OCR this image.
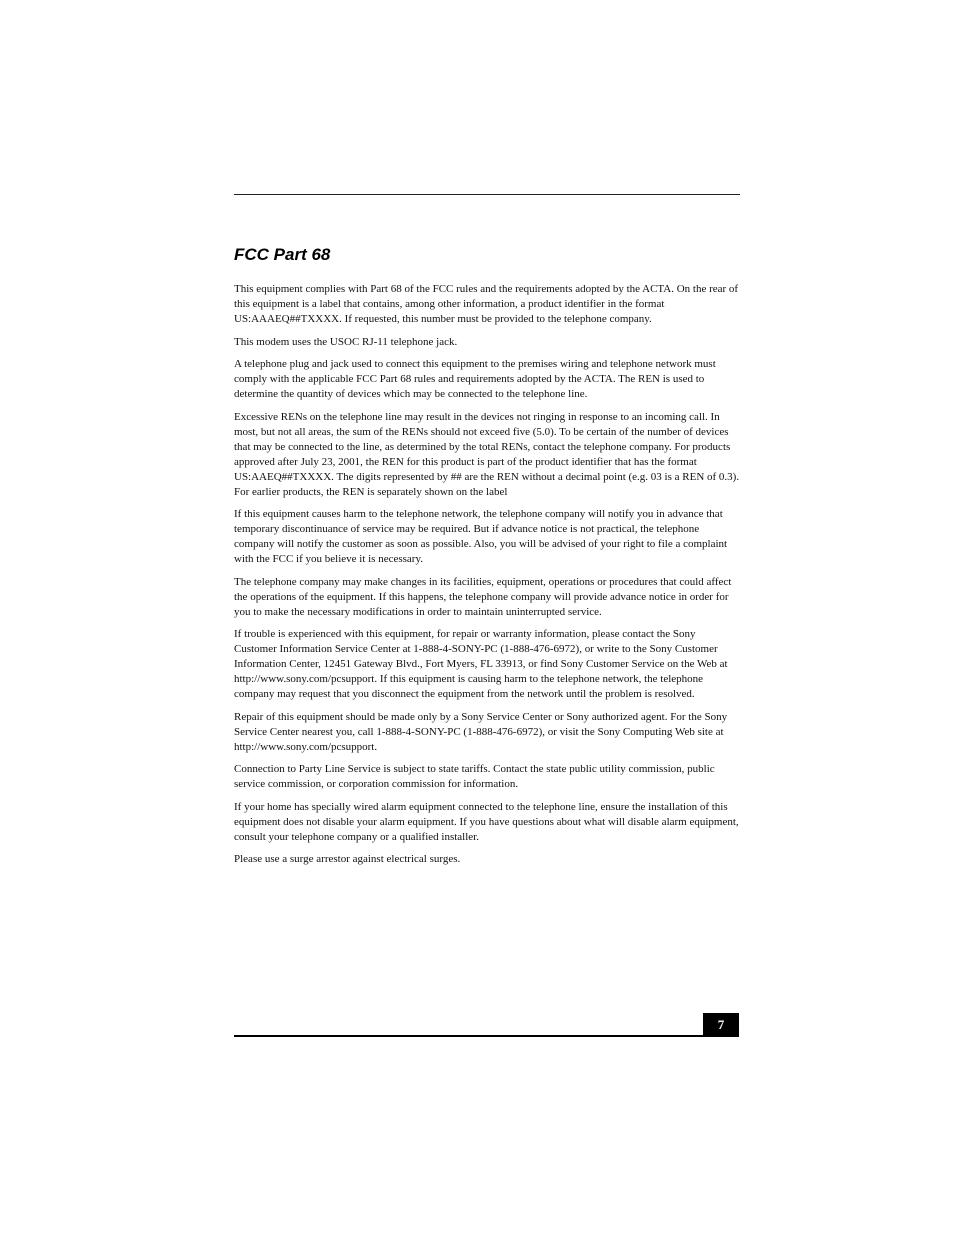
FCC Part 68

This equipment complies with Part 68 of the FCC rules and the requirements adopted by the ACTA. On the rear of this equipment is a label that contains, among other information, a product identifier in the format US:AAAEQ##TXXXX. If requested, this number must be provided to the telephone company.

This modem uses the USOC RJ-11 telephone jack.

A telephone plug and jack used to connect this equipment to the premises wiring and telephone network must comply with the applicable FCC Part 68 rules and requirements adopted by the ACTA. The REN is used to determine the quantity of devices which may be connected to the telephone line.

Excessive RENs on the telephone line may result in the devices not ringing in response to an incoming call. In most, but not all areas, the sum of the RENs should not exceed five (5.0). To be certain of the number of devices that may be connected to the line, as determined by the total RENs, contact the telephone company. For products approved after July 23, 2001, the REN for this product is part of the product identifier that has the format US:AAEQ##TXXXX. The digits represented by ## are the REN without a decimal point (e.g. 03 is a REN of 0.3). For earlier products, the REN is separately shown on the label

If this equipment causes harm to the telephone network, the telephone company will notify you in advance that temporary discontinuance of service may be required. But if advance notice is not practical, the telephone company will notify the customer as soon as possible. Also, you will be advised of your right to file a complaint with the FCC if you believe it is necessary.

The telephone company may make changes in its facilities, equipment, operations or procedures that could affect the operations of the equipment. If this happens, the telephone company will provide advance notice in order for you to make the necessary modifications in order to maintain uninterrupted service.

If trouble is experienced with this equipment, for repair or warranty information, please contact the Sony Customer Information Service Center at 1-888-4-SONY-PC (1-888-476-6972), or write to the Sony Customer Information Center, 12451 Gateway Blvd., Fort Myers, FL 33913, or find Sony Customer Service on the Web at http://www.sony.com/pcsupport. If this equipment is causing harm to the telephone network, the telephone company may request that you disconnect the equipment from the network until the problem is resolved.

Repair of this equipment should be made only by a Sony Service Center or Sony authorized agent. For the Sony Service Center nearest you, call 1-888-4-SONY-PC (1-888-476-6972), or visit the Sony Computing Web site at http://www.sony.com/pcsupport.

Connection to Party Line Service is subject to state tariffs. Contact the state public utility commission, public service commission, or corporation commission for information.

If your home has specially wired alarm equipment connected to the telephone line, ensure the installation of this equipment does not disable your alarm equipment. If you have questions about what will disable alarm equipment, consult your telephone company or a qualified installer.

Please use a surge arrestor against electrical surges.

7
